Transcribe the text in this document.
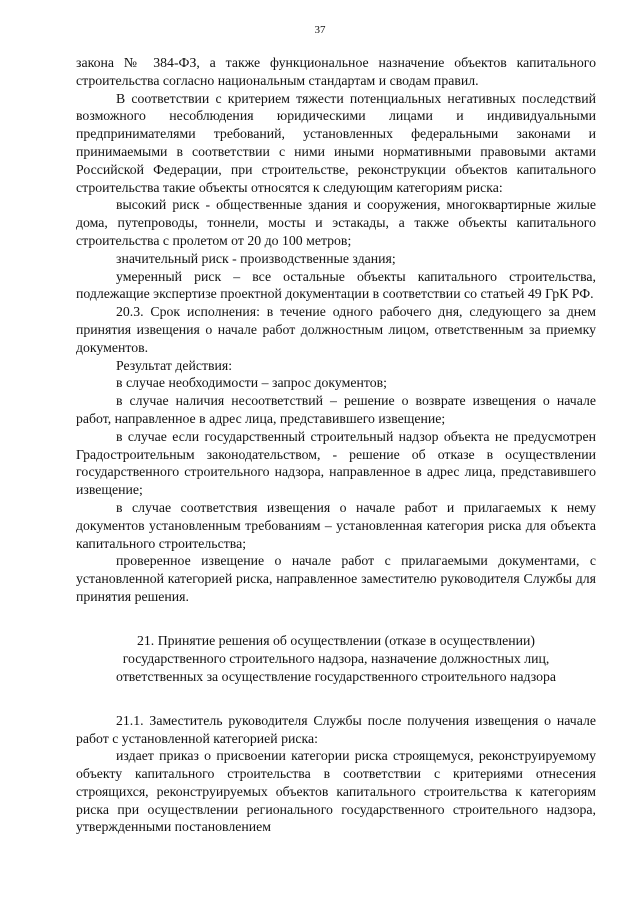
37

закона № 384-ФЗ, а также функциональное назначение объектов капитального строительства согласно национальным стандартам и сводам правил.

В соответствии с критерием тяжести потенциальных негативных последствий возможного несоблюдения юридическими лицами и индивидуальными предпринимателями требований, установленных федеральными законами и принимаемыми в соответствии с ними иными нормативными правовыми актами Российской Федерации, при строительстве, реконструкции объектов капитального строительства такие объекты относятся к следующим категориям риска:

высокий риск - общественные здания и сооружения, многоквартирные жилые дома, путепроводы, тоннели, мосты и эстакады, а также объекты капитального строительства с пролетом от 20 до 100 метров;

значительный риск - производственные здания;

умеренный риск – все остальные объекты капитального строительства, подлежащие экспертизе проектной документации в соответствии со статьей 49 ГрК РФ.

20.3. Срок исполнения: в течение одного рабочего дня, следующего за днем принятия извещения о начале работ должностным лицом, ответственным за приемку документов.

Результат действия:

в случае необходимости – запрос документов;

в случае наличия несоответствий – решение о возврате извещения о начале работ, направленное в адрес лица, представившего извещение;

в случае если государственный строительный надзор объекта не предусмотрен Градостроительным законодательством, - решение об отказе в осуществлении государственного строительного надзора, направленное в адрес лица, представившего извещение;

в случае соответствия извещения о начале работ и прилагаемых к нему документов установленным требованиям – установленная категория риска для объекта капитального строительства;

проверенное извещение о начале работ с прилагаемыми документами, с установленной категорией риска, направленное заместителю руководителя Службы для принятия решения.

21. Принятие решения об осуществлении (отказе в осуществлении)
государственного строительного надзора, назначение должностных лиц,
ответственных за осуществление государственного строительного надзора

21.1. Заместитель руководителя Службы после получения извещения о начале работ с установленной категорией риска:

издает приказ о присвоении категории риска строящемуся, реконструируемому объекту капитального строительства в соответствии с критериями отнесения строящихся, реконструируемых объектов капитального строительства к категориям риска при осуществлении регионального государственного строительного надзора, утвержденными постановлением
